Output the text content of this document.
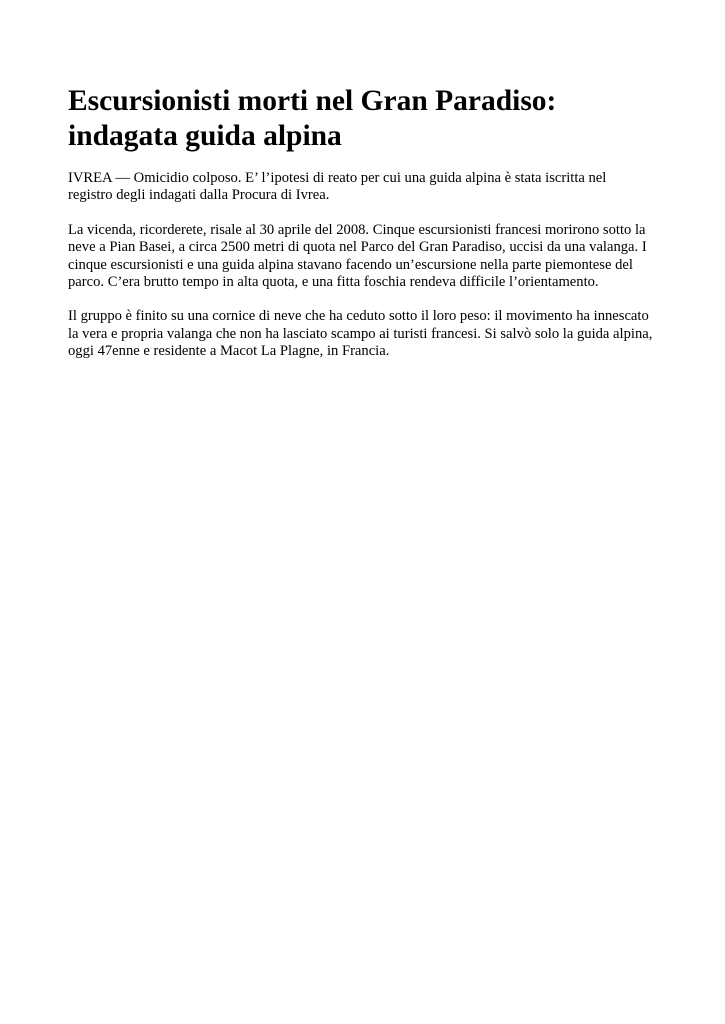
Escursionisti morti nel Gran Paradiso:
indagata guida alpina

IVREA — Omicidio colposo. E’ l’ipotesi di reato per cui una guida alpina è stata iscritta nel
registro degli indagati dalla Procura di Ivrea.

La vicenda, ricorderete, risale al 30 aprile del 2008. Cinque escursionisti francesi morirono sotto la
neve a Pian Basei, a circa 2500 metri di quota nel Parco del Gran Paradiso, uccisi da una valanga. I
cinque escursionisti e una guida alpina stavano facendo un’escursione nella parte piemontese del
parco. C’era brutto tempo in alta quota, e una fitta foschia rendeva difficile l’orientamento.

Il gruppo è finito su una cornice di neve che ha ceduto sotto il loro peso: il movimento ha innescato
la vera e propria valanga che non ha lasciato scampo ai turisti francesi. Si salvò solo la guida alpina,
oggi 47enne e residente a Macot La Plagne, in Francia.
